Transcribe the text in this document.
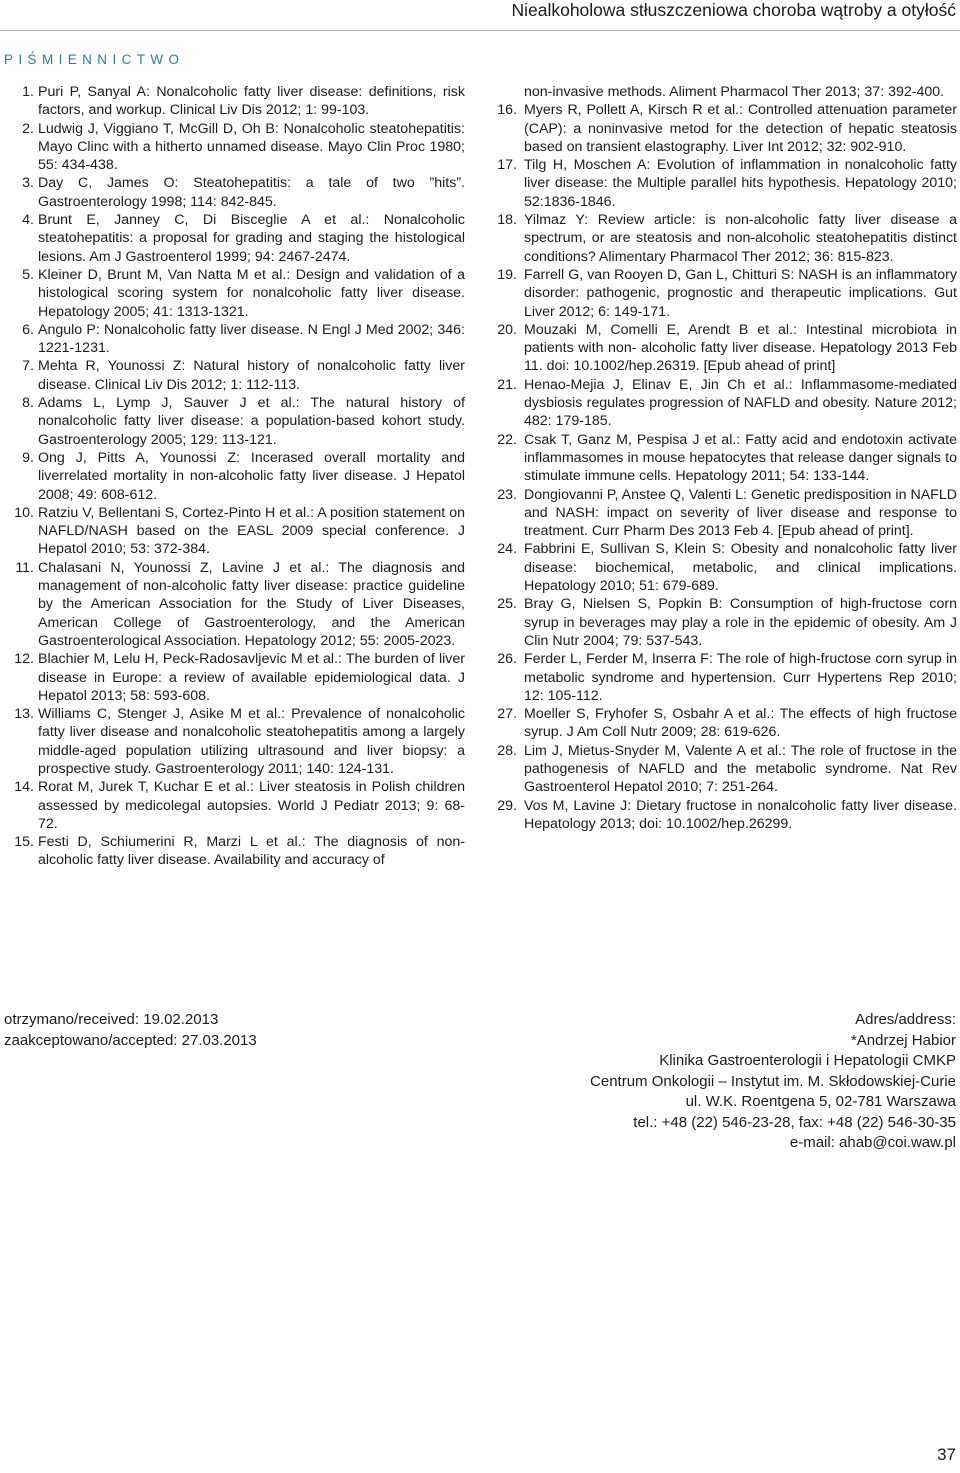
Niealkoholowa stłuszczeniowa choroba wątroby a otyłość
PIŚMIENNICTWO
1. Puri P, Sanyal A: Nonalcoholic fatty liver disease: definitions, risk factors, and workup. Clinical Liv Dis 2012; 1: 99-103.
2. Ludwig J, Viggiano T, McGill D, Oh B: Nonalcoholic steatohepatitis: Mayo Clinc with a hitherto unnamed disease. Mayo Clin Proc 1980; 55: 434-438.
3. Day C, James O: Steatohepatitis: a tale of two ”hits”. Gastroenterology 1998; 114: 842-845.
4. Brunt E, Janney C, Di Bisceglie A et al.: Nonalcoholic steatohepatitis: a proposal for grading and staging the histological lesions. Am J Gastroenterol 1999; 94: 2467-2474.
5. Kleiner D, Brunt M, Van Natta M et al.: Design and validation of a histological scoring system for nonalcoholic fatty liver disease. Hepatology 2005; 41: 1313-1321.
6. Angulo P: Nonalcoholic fatty liver disease. N Engl J Med 2002; 346: 1221-1231.
7. Mehta R, Younossi Z: Natural history of nonalcoholic fatty liver disease. Clinical Liv Dis 2012; 1: 112-113.
8. Adams L, Lymp J, Sauver J et al.: The natural history of nonalcoholic fatty liver disease: a population-based kohort study. Gastroenterology 2005; 129: 113-121.
9. Ong J, Pitts A, Younossi Z: Incerased overall mortality and liverrelated mortality in non-alcoholic fatty liver disease. J Hepatol 2008; 49: 608-612.
10. Ratziu V, Bellentani S, Cortez-Pinto H et al.: A position statement on NAFLD/NASH based on the EASL 2009 special conference. J Hepatol 2010; 53: 372-384.
11. Chalasani N, Younossi Z, Lavine J et al.: The diagnosis and management of non-alcoholic fatty liver disease: practice guideline by the American Association for the Study of Liver Diseases, American College of Gastroenterology, and the American Gastroenterological Association. Hepatology 2012; 55: 2005-2023.
12. Blachier M, Lelu H, Peck-Radosavljevic M et al.: The burden of liver disease in Europe: a review of available epidemiological data. J Hepatol 2013; 58: 593-608.
13. Williams C, Stenger J, Asike M et al.: Prevalence of nonalcoholic fatty liver disease and nonalcoholic steatohepatitis among a largely middle-aged population utilizing ultrasound and liver biopsy: a prospective study. Gastroenterology 2011; 140: 124-131.
14. Rorat M, Jurek T, Kuchar E et al.: Liver steatosis in Polish children assessed by medicolegal autopsies. World J Pediatr 2013; 9: 68-72.
15. Festi D, Schiumerini R, Marzi L et al.: The diagnosis of non-alcoholic fatty liver disease. Availability and accuracy of
non-invasive methods. Aliment Pharmacol Ther 2013; 37: 392-400.
16. Myers R, Pollett A, Kirsch R et al.: Controlled attenuation parameter (CAP): a noninvasive metod for the detection of hepatic steatosis based on transient elastography. Liver Int 2012; 32: 902-910.
17. Tilg H, Moschen A: Evolution of inflammation in nonalcoholic fatty liver disease: the Multiple parallel hits hypothesis. Hepatology 2010; 52:1836-1846.
18. Yilmaz Y: Review article: is non-alcoholic fatty liver disease a spectrum, or are steatosis and non-alcoholic steatohepatitis distinct conditions? Alimentary Pharmacol Ther 2012; 36: 815-823.
19. Farrell G, van Rooyen D, Gan L, Chitturi S: NASH is an inflammatory disorder: pathogenic, prognostic and therapeutic implications. Gut Liver 2012; 6: 149-171.
20. Mouzaki M, Comelli E, Arendt B et al.: Intestinal microbiota in patients with non- alcoholic fatty liver disease. Hepatology 2013 Feb 11. doi: 10.1002/hep.26319. [Epub ahead of print]
21. Henao-Mejia J, Elinav E, Jin Ch et al.: Inflammasome-mediated dysbiosis regulates progression of NAFLD and obesity. Nature 2012; 482: 179-185.
22. Csak T, Ganz M, Pespisa J et al.: Fatty acid and endotoxin activate inflammasomes in mouse hepatocytes that release danger signals to stimulate immune cells. Hepatology 2011; 54: 133-144.
23. Dongiovanni P, Anstee Q, Valenti L: Genetic predisposition in NAFLD and NASH: impact on severity of liver disease and response to treatment. Curr Pharm Des 2013 Feb 4. [Epub ahead of print].
24. Fabbrini E, Sullivan S, Klein S: Obesity and nonalcoholic fatty liver disease: biochemical, metabolic, and clinical implications. Hepatology 2010; 51: 679-689.
25. Bray G, Nielsen S, Popkin B: Consumption of high-fructose corn syrup in beverages may play a role in the epidemic of obesity. Am J Clin Nutr 2004; 79: 537-543.
26. Ferder L, Ferder M, Inserra F: The role of high-fructose corn syrup in metabolic syndrome and hypertension. Curr Hypertens Rep 2010; 12: 105-112.
27. Moeller S, Fryhofer S, Osbahr A et al.: The effects of high fructose syrup. J Am Coll Nutr 2009; 28: 619-626.
28. Lim J, Mietus-Snyder M, Valente A et al.: The role of fructose in the pathogenesis of NAFLD and the metabolic syndrome. Nat Rev Gastroenterol Hepatol 2010; 7: 251-264.
29. Vos M, Lavine J: Dietary fructose in nonalcoholic fatty liver disease. Hepatology 2013; doi: 10.1002/hep.26299.
otrzymano/received: 19.02.2013
zaakceptowano/accepted: 27.03.2013
Adres/address:
*Andrzej Habior
Klinika Gastroenterologii i Hepatologii CMKP
Centrum Onkologii – Instytut im. M. Skłodowskiej-Curie
ul. W.K. Roentgena 5, 02-781 Warszawa
tel.: +48 (22) 546-23-28, fax: +48 (22) 546-30-35
e-mail: ahab@coi.waw.pl
37
